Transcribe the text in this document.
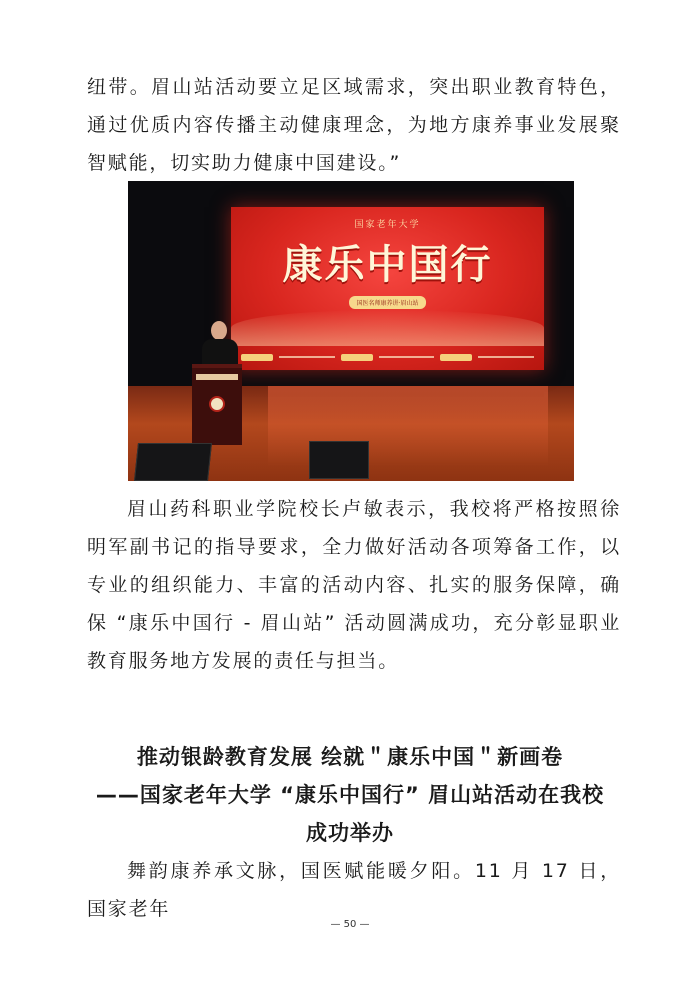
纽带。眉山站活动要立足区域需求，突出职业教育特色，通过优质内容传播主动健康理念，为地方康养事业发展聚智赋能，切实助力健康中国建设。”

国家老年大学
康乐中国行
国医名师康养讲·眉山站

眉山药科职业学院校长卢敏表示，我校将严格按照徐明军副书记的指导要求，全力做好活动各项筹备工作，以专业的组织能力、丰富的活动内容、扎实的服务保障，确保 “康乐中国行 - 眉山站” 活动圆满成功，充分彰显职业教育服务地方发展的责任与担当。

推动银龄教育发展 绘就＂康乐中国＂新画卷
——国家老年大学 “康乐中国行” 眉山站活动在我校
成功举办

舞韵康养承文脉，国医赋能暖夕阳。11 月 17 日，国家老年

— 50 —
